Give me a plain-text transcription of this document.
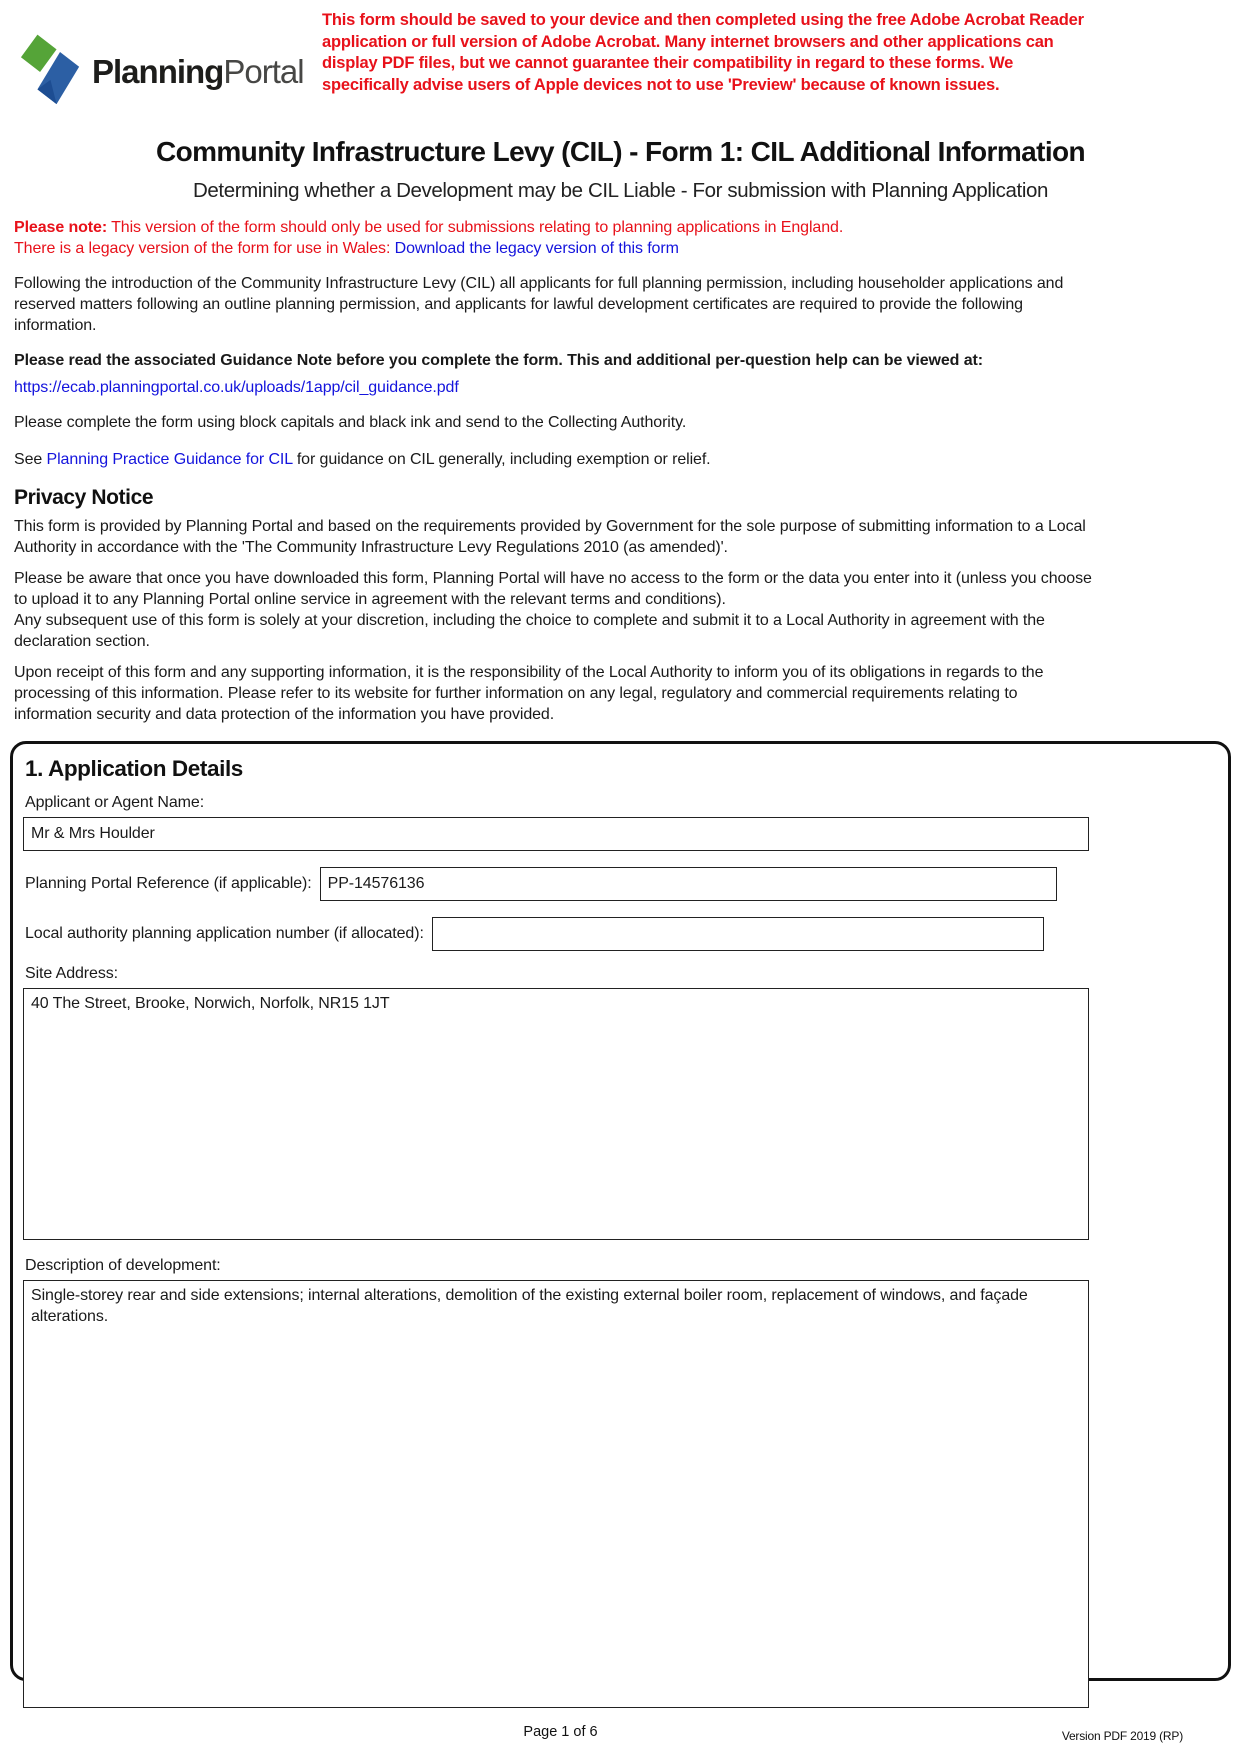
PlanningPortal
This form should be saved to your device and then completed using the free Adobe Acrobat Reader application or full version of Adobe Acrobat. Many internet browsers and other applications can display PDF files, but we cannot guarantee their compatibility in regard to these forms. We specifically advise users of Apple devices not to use 'Preview' because of known issues.
Community Infrastructure Levy (CIL) - Form 1: CIL Additional Information
Determining whether a Development may be CIL Liable - For submission with Planning Application

Please note: This version of the form should only be used for submissions relating to planning applications in England.
There is a legacy version of the form for use in Wales: Download the legacy version of this form

Following the introduction of the Community Infrastructure Levy (CIL) all applicants for full planning permission, including householder applications and reserved matters following an outline planning permission, and applicants for lawful development certificates are required to provide the following information.

Please read the associated Guidance Note before you complete the form. This and additional per-question help can be viewed at:

https://ecab.planningportal.co.uk/uploads/1app/cil_guidance.pdf

Please complete the form using block capitals and black ink and send to the Collecting Authority.

See Planning Practice Guidance for CIL for guidance on CIL generally, including exemption or relief.

Privacy Notice

This form is provided by Planning Portal and based on the requirements provided by Government for the sole purpose of submitting information to a Local Authority in accordance with the 'The Community Infrastructure Levy Regulations 2010 (as amended)'.

Please be aware that once you have downloaded this form, Planning Portal will have no access to the form or the data you enter into it (unless you choose to upload it to any Planning Portal online service in agreement with the relevant terms and conditions).
Any subsequent use of this form is solely at your discretion, including the choice to complete and submit it to a Local Authority in agreement with the declaration section.

Upon receipt of this form and any supporting information, it is the responsibility of the Local Authority to inform you of its obligations in regards to the processing of this information. Please refer to its website for further information on any legal, regulatory and commercial requirements relating to information security and data protection of the information you have provided.

1. Application Details
Applicant or Agent Name:
Mr & Mrs Houlder
Planning Portal Reference (if applicable):
PP-14576136
Local authority planning application number (if allocated):
Site Address:
40 The Street, Brooke, Norwich, Norfolk, NR15 1JT
Description of development:
Single-storey rear and side extensions; internal alterations, demolition of the existing external boiler room, replacement of windows, and façade alterations.
Page 1 of 6	Version PDF 2019 (RP)
